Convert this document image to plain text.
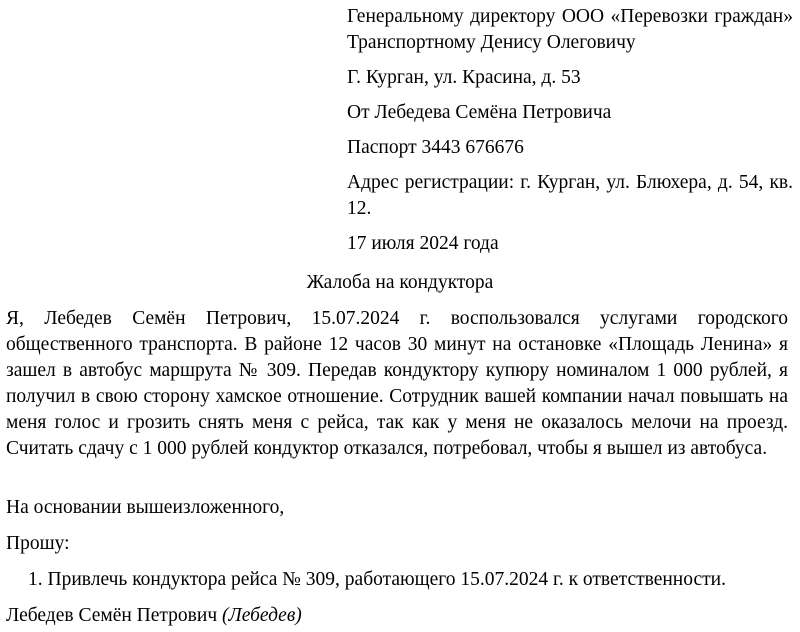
Генеральному директору ООО «Перевозки граждан» Транспортному Денису Олеговичу

Г. Курган, ул. Красина, д. 53

От Лебедева Семёна Петровича

Паспорт 3443 676676

Адрес регистрации: г. Курган, ул. Блюхера, д. 54, кв. 12.

17 июля 2024 года

Жалоба на кондуктора

Я, Лебедев Семён Петрович, 15.07.2024 г. воспользовался услугами городского общественного транспорта. В районе 12 часов 30 минут на остановке «Площадь Ленина» я зашел в автобус маршрута № 309. Передав кондуктору купюру номиналом 1 000 рублей, я получил в свою сторону хамское отношение. Сотрудник вашей компании начал повышать на меня голос и грозить снять меня с рейса, так как у меня не оказалось мелочи на проезд. Считать сдачу с 1 000 рублей кондуктор отказался, потребовал, чтобы я вышел из автобуса.

На основании вышеизложенного,

Прошу:

1. Привлечь кондуктора рейса № 309, работающего 15.07.2024 г. к ответственности.

Лебедев Семён Петрович (Лебедев)
